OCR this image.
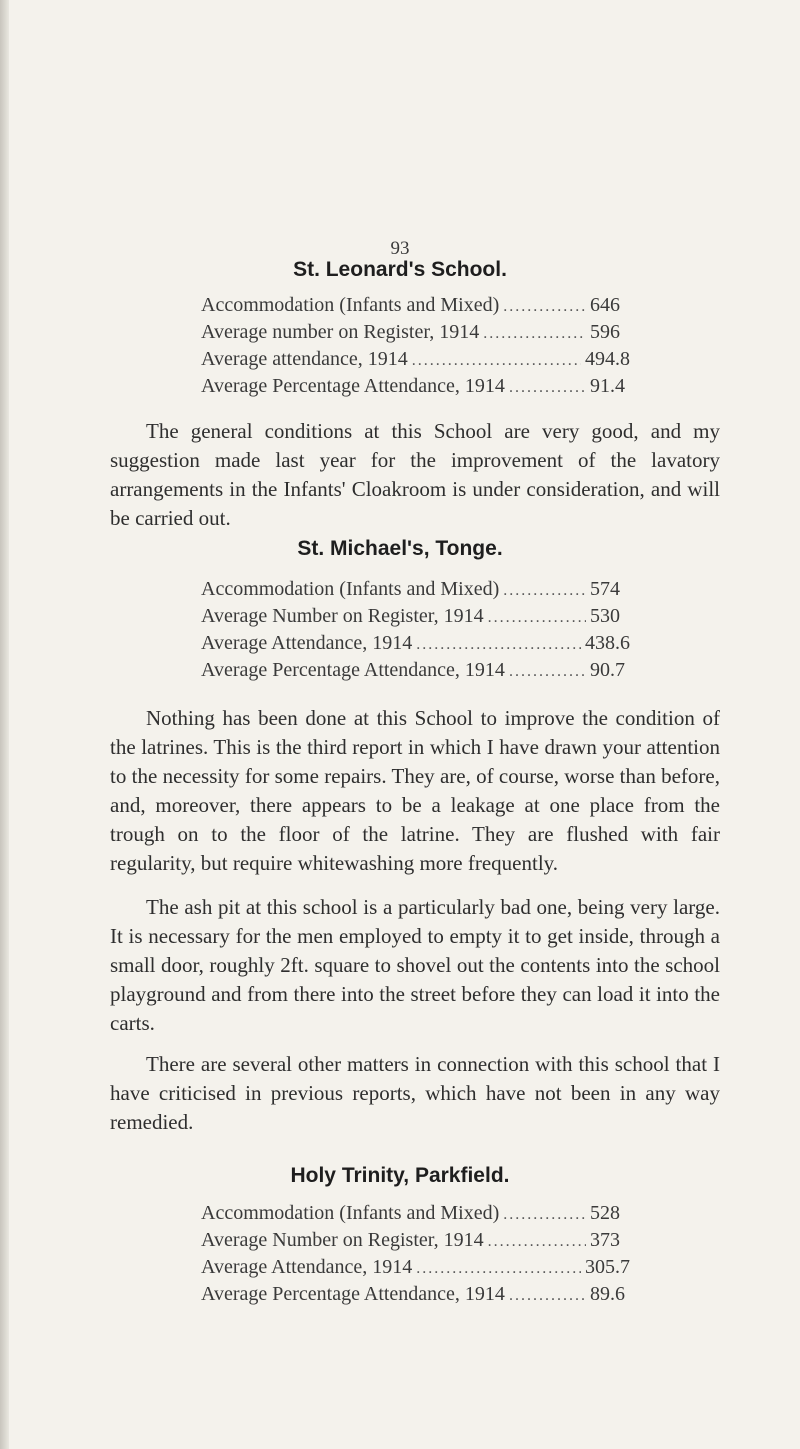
93
St. Leonard's School.
Accommodation (Infants and Mixed) . . .	646
Average number on Register, 1914 . . .	596
Average attendance, 1914 . . .	494.8
Average Percentage Attendance, 1914 . . .	91.4

The general conditions at this School are very good, and my suggestion made last year for the improvement of the lavatory arrangements in the Infants' Cloakroom is under consideration, and will be carried out.

St. Michael's, Tonge.
Accommodation (Infants and Mixed) . . .	574
Average Number on Register, 1914 . . .	530
Average Attendance, 1914 . . .	438.6
Average Percentage Attendance, 1914 . . .	90.7

Nothing has been done at this School to improve the condition of the latrines. This is the third report in which I have drawn your attention to the necessity for some repairs. They are, of course, worse than before, and, moreover, there appears to be a leakage at one place from the trough on to the floor of the latrine. They are flushed with fair regularity, but require whitewashing more frequently.

The ash pit at this school is a particularly bad one, being very large. It is necessary for the men employed to empty it to get inside, through a small door, roughly 2ft. square to shovel out the contents into the school playground and from there into the street before they can load it into the carts.

There are several other matters in connection with this school that I have criticised in previous reports, which have not been in any way remedied.

Holy Trinity, Parkfield.
Accommodation (Infants and Mixed) . . .	528
Average Number on Register, 1914 . . .	373
Average Attendance, 1914 . . .	305.7
Average Percentage Attendance, 1914 . . .	89.6
